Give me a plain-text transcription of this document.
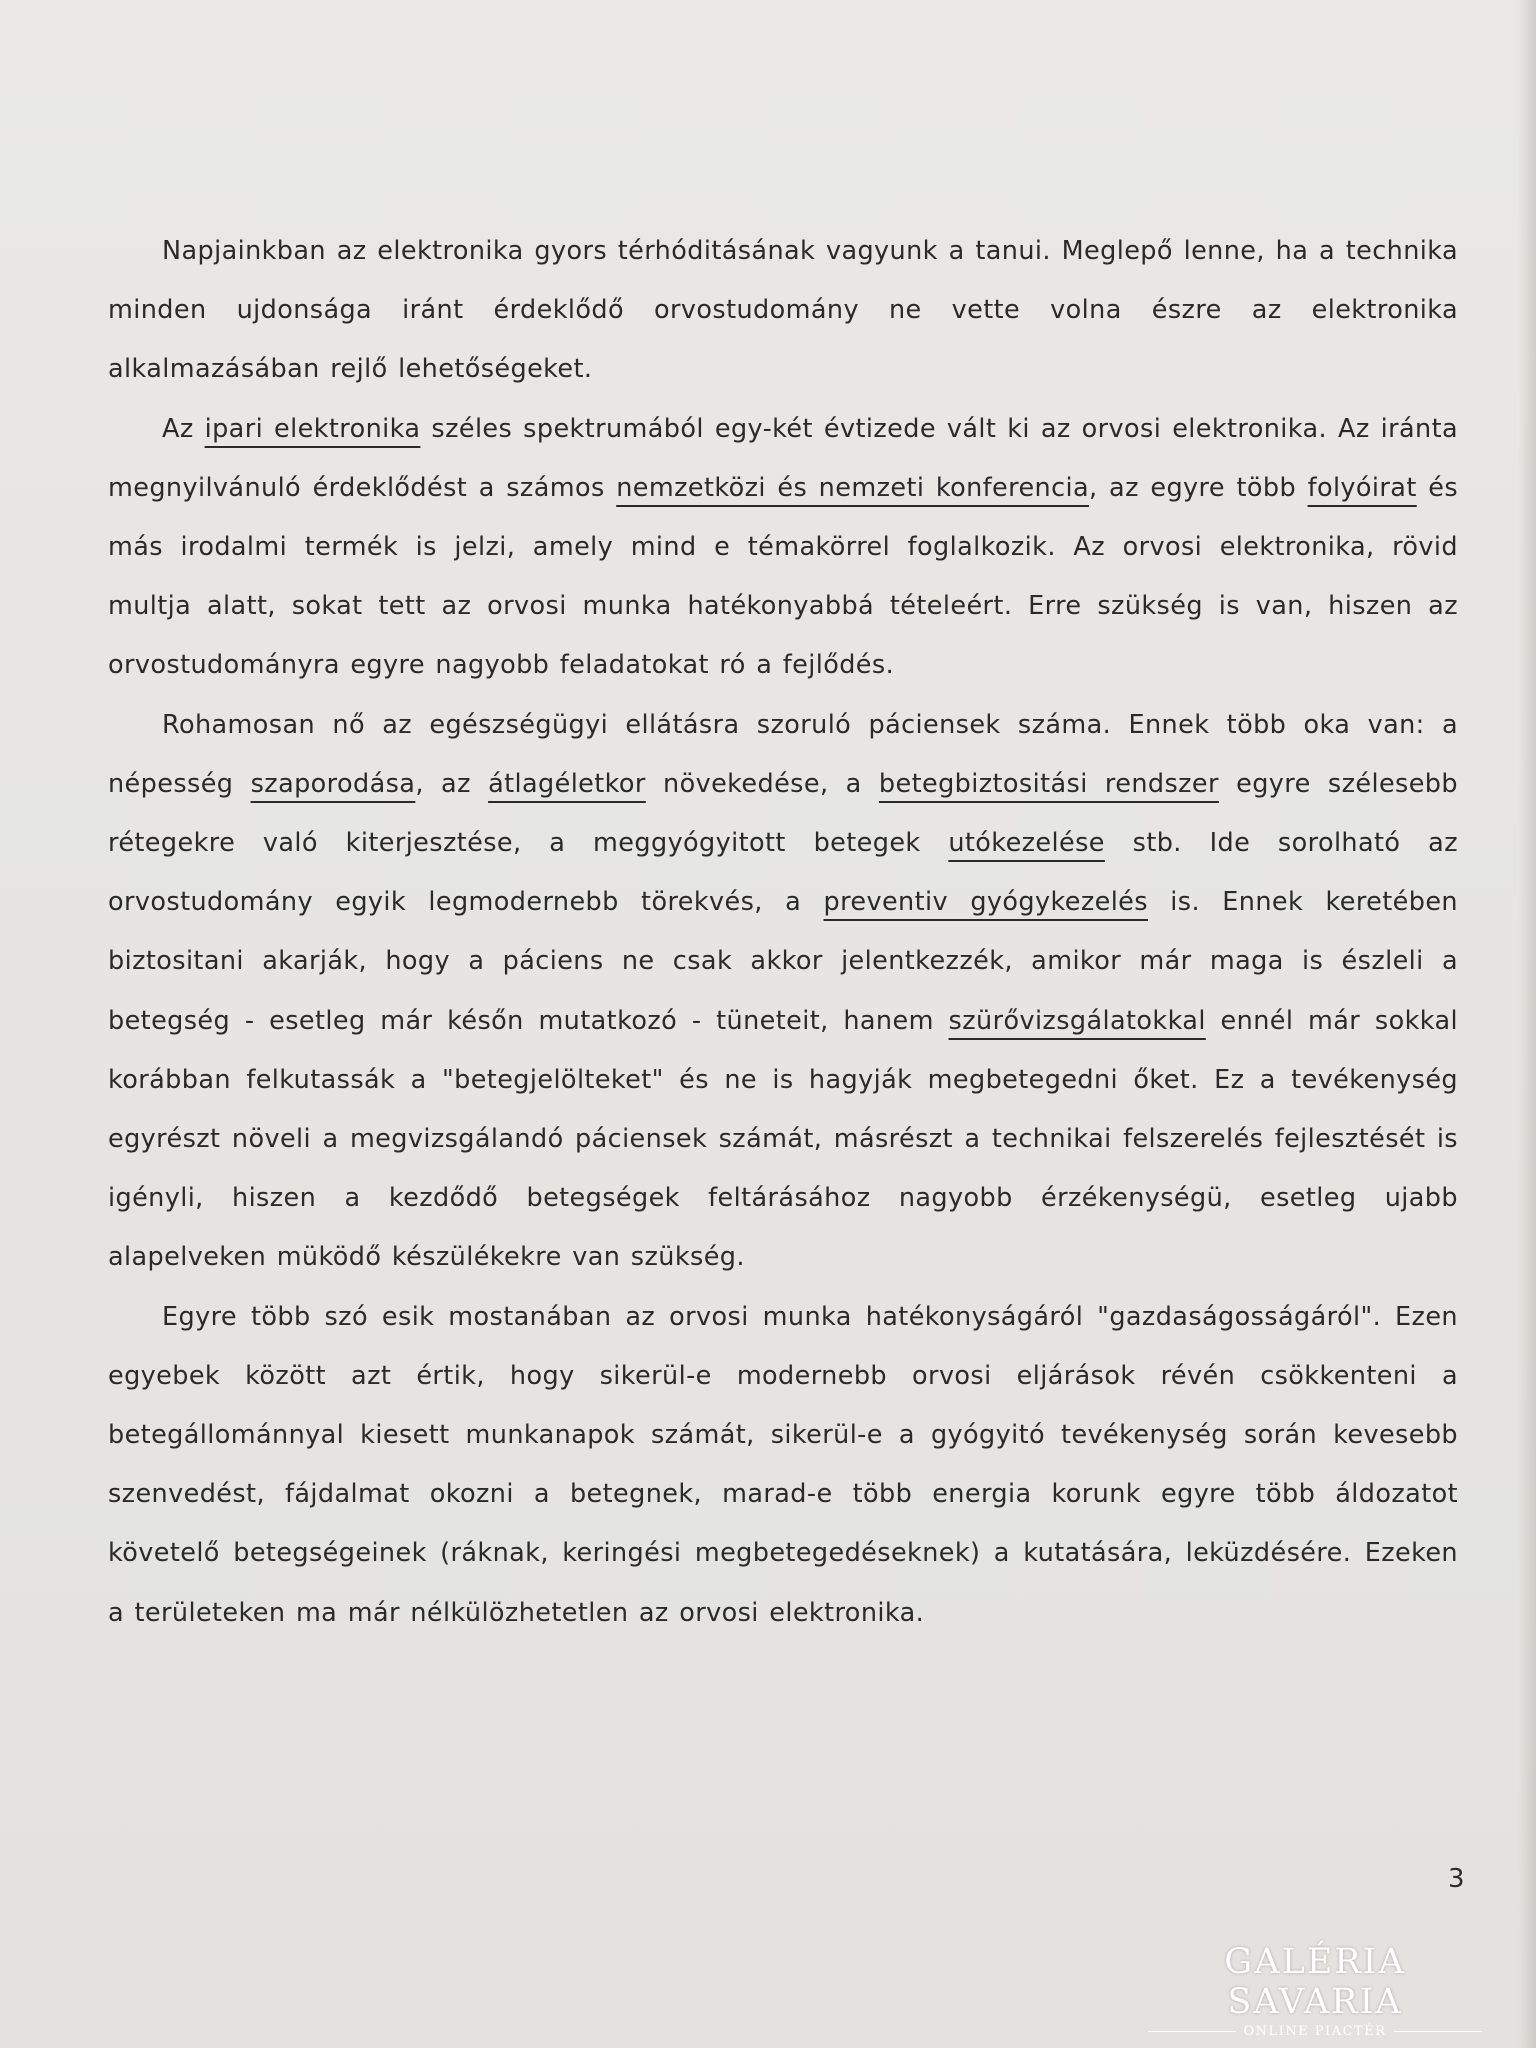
Napjainkban az elektronika gyors térhóditásának vagyunk a tanui. Meglepő lenne, ha a technika minden ujdonsága iránt érdeklődő orvostudomány ne vette volna észre az elektronika alkalmazásában rejlő lehetőségeket.

Az ipari elektronika széles spektrumából egy-két évtizede vált ki az orvosi elektronika. Az iránta megnyilvánuló érdeklődést a számos nemzetközi és nemzeti konferencia, az egyre több folyóirat és más irodalmi termék is jelzi, amely mind e témakörrel foglalkozik. Az orvosi elektronika, rövid multja alatt, sokat tett az orvosi munka hatékonyabbá tételeért. Erre szükség is van, hiszen az orvostudományra egyre nagyobb feladatokat ró a fejlődés.

Rohamosan nő az egészségügyi ellátásra szoruló páciensek száma. Ennek több oka van: a népesség szaporodása, az átlagéletkor növekedése, a betegbiztositási rendszer egyre szélesebb rétegekre való kiterjesztése, a meggyógyitott betegek utókezelése stb. Ide sorolható az orvostudomány egyik legmodernebb törekvés, a preventiv gyógykezelés is. Ennek keretében biztositani akarják, hogy a páciens ne csak akkor jelentkezzék, amikor már maga is észleli a betegség - esetleg már későn mutatkozó - tüneteit, hanem szürővizsgálatokkal ennél már sokkal korábban felkutassák a "betegjelölteket" és ne is hagyják megbetegedni őket. Ez a tevékenység egyrészt növeli a megvizsgálandó páciensek számát, másrészt a technikai felszerelés fejlesztését is igényli, hiszen a kezdődő betegségek feltárásához nagyobb érzékenységü, esetleg ujabb alapelveken müködő készülékekre van szükség.

Egyre több szó esik mostanában az orvosi munka hatékonyságáról "gazdaságosságáról". Ezen egyebek között azt értik, hogy sikerül-e modernebb orvosi eljárások révén csökkenteni a betegállománnyal kiesett munkanapok számát, sikerül-e a gyógyitó tevékenység során kevesebb szenvedést, fájdalmat okozni a betegnek, marad-e több energia korunk egyre több áldozatot követelő betegségeinek (ráknak, keringési megbetegedéseknek) a kutatására, leküzdésére. Ezeken a területeken ma már nélkülözhetetlen az orvosi elektronika.

3
GALÉRIA SAVARIA
ONLINE PIACTÉR
